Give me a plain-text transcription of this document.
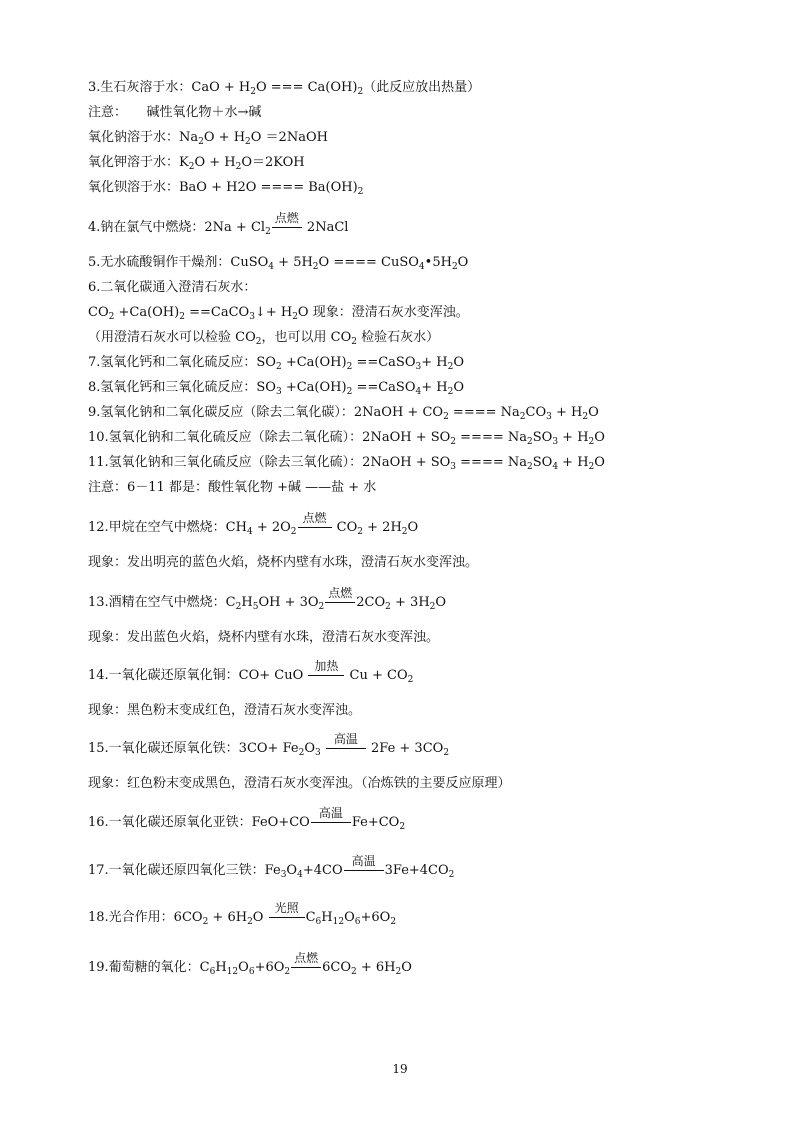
3.生石灰溶于水：CaO + $H_2O$ === $Ca(OH)_2$（此反应放出热量）
注意：　　碱性氧化物＋水→碱
氧化钠溶于水：$Na_2O + H_2O$ ＝2NaOH
氧化钾溶于水：$K_2O + H_2O=2KOH$
氧化钡溶于水：BaO + H2O ==== $Ba(OH)_2$
4.钠在氯气中燃烧：$2Na + Cl_2$
点燃
2NaCl
5.无水硫酸铜作干燥剂：CuSO$_4$ + $5H_2O$ ==== $CuSO_4•5H_2O$
6.二氧化碳通入澄清石灰水：
$CO_2 +Ca(OH)_2$ ==CaCO$_3$↓+ $H_2O$ 现象：澄清石灰水变浑浊。
（用澄清石灰水可以检验 $CO_2$，也可以用 $CO_2$ 检验石灰水）
7.氢氧化钙和二氧化硫反应：$SO_2 +Ca(OH)_2$ ==CaSO$_3$+ $H_2O$
8.氢氧化钙和三氧化硫反应：$SO_3 +Ca(OH)_2$ ==CaSO$_4$+ $H_2O$
9.氢氧化钠和二氧化碳反应（除去二氧化碳）：2NaOH + $CO_2$ ==== $Na_2CO_3 + H_2O$
10.氢氧化钠和二氧化硫反应（除去二氧化硫）：2NaOH + $SO_2$ ==== $Na_2SO_3 + H_2O$
11.氢氧化钠和三氧化硫反应（除去三氧化硫）：2NaOH + $SO_3$ ==== $Na_2SO_4 + H_2O$
注意：6－11 都是：酸性氧化物 +碱 ——盐 + 水
12.甲烷在空气中燃烧：$CH_4 + 2O_2$
点燃
$CO_2 + 2H_2O$
现象：发出明亮的蓝色火焰，烧杯内壁有水珠，澄清石灰水变浑浊。
13.酒精在空气中燃烧：$C_2H_5OH + 3O_2$
点燃
$2CO_2 + 3H_2O$
现象：发出蓝色火焰，烧杯内壁有水珠，澄清石灰水变浑浊。
14.一氧化碳还原氧化铜：CO+ CuO
加热
$Cu + CO_2$
现象：黑色粉末变成红色，澄清石灰水变浑浊。
15.一氧化碳还原氧化铁：$3CO+ Fe_2O_3$
高温
$2Fe + 3CO_2$
现象：红色粉末变成黑色，澄清石灰水变浑浊。（冶炼铁的主要反应原理）
16.一氧化碳还原氧化亚铁：FeO+CO
高温
$Fe+CO_2$
17.一氧化碳还原四氧化三铁：$Fe_3O_4+4CO$
高温
$3Fe+4CO_2$
18.光合作用：$6CO_2 + 6H_2O$
光照
$C_6H_{12}O_6+6O_2$
19.葡萄糖的氧化：$C_6H_{12}O_6+6O_2$
点燃
$6CO_2 + 6H_2O$
19
